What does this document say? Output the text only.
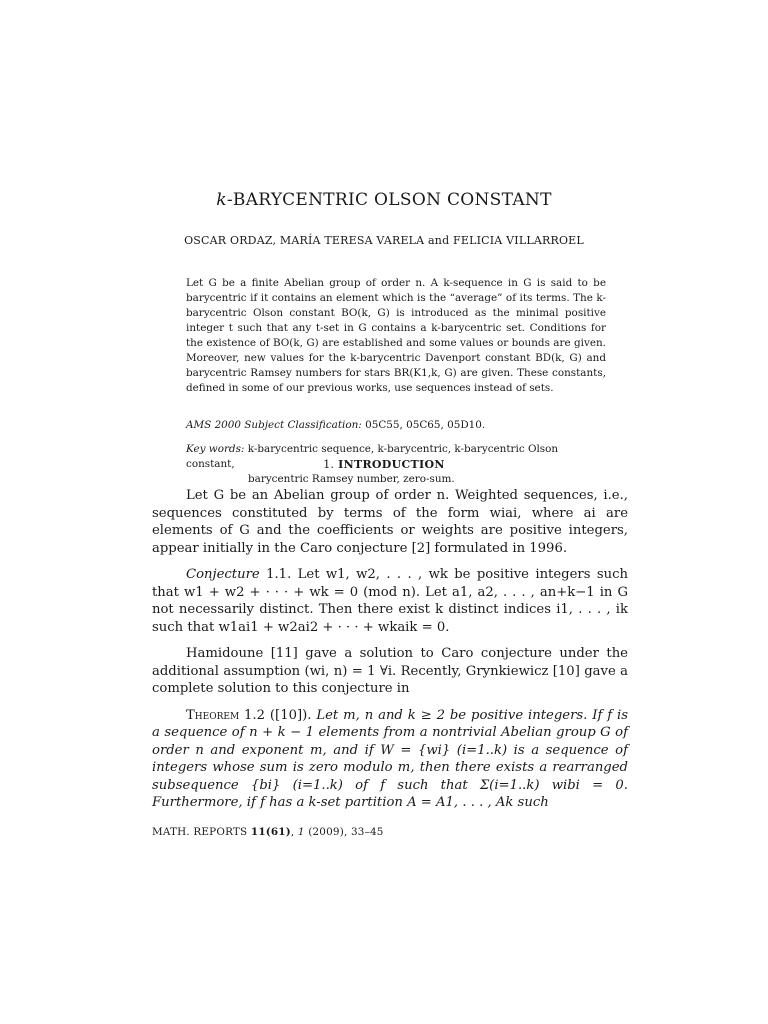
k-BARYCENTRIC OLSON CONSTANT
OSCAR ORDAZ, MARÍA TERESA VARELA and FELICIA VILLARROEL

Let G be a finite Abelian group of order n. A k-sequence in G is said to be barycentric if it contains an element which is the “average” of its terms. The k-barycentric Olson constant BO(k, G) is introduced as the minimal positive integer t such that any t-set in G contains a k-barycentric set. Conditions for the existence of BO(k, G) are established and some values or bounds are given. Moreover, new values for the k-barycentric Davenport constant BD(k, G) and barycentric Ramsey numbers for stars BR(K1,k, G) are given. These constants, defined in some of our previous works, use sequences instead of sets.

AMS 2000 Subject Classification: 05C55, 05C65, 05D10.
Key words: k-barycentric sequence, k-barycentric, k-barycentric Olson constant,
barycentric Ramsey number, zero-sum.
1. INTRODUCTION

Let G be an Abelian group of order n. Weighted sequences, i.e., sequences constituted by terms of the form wiai, where ai are elements of G and the coefficients or weights are positive integers, appear initially in the Caro conjecture [2] formulated in 1996.

Conjecture 1.1. Let w1, w2, . . . , wk be positive integers such that w1 + w2 + · · · + wk = 0 (mod n). Let a1, a2, . . . , an+k−1 in G not necessarily distinct. Then there exist k distinct indices i1, . . . , ik such that w1ai1 + w2ai2 + · · · + wkaik = 0.

Hamidoune [11] gave a solution to Caro conjecture under the additional assumption (wi, n) = 1 ∀i. Recently, Grynkiewicz [10] gave a complete solution to this conjecture in

Theorem 1.2 ([10]). Let m, n and k ≥ 2 be positive integers. If f is a sequence of n + k − 1 elements from a nontrivial Abelian group G of order n and exponent m, and if W = {wi} (i=1..k) is a sequence of integers whose sum is zero modulo m, then there exists a rearranged subsequence {bi} (i=1..k) of f such that Σ(i=1..k) wibi = 0. Furthermore, if f has a k-set partition A = A1, . . . , Ak such

MATH. REPORTS 11(61), 1 (2009), 33–45
